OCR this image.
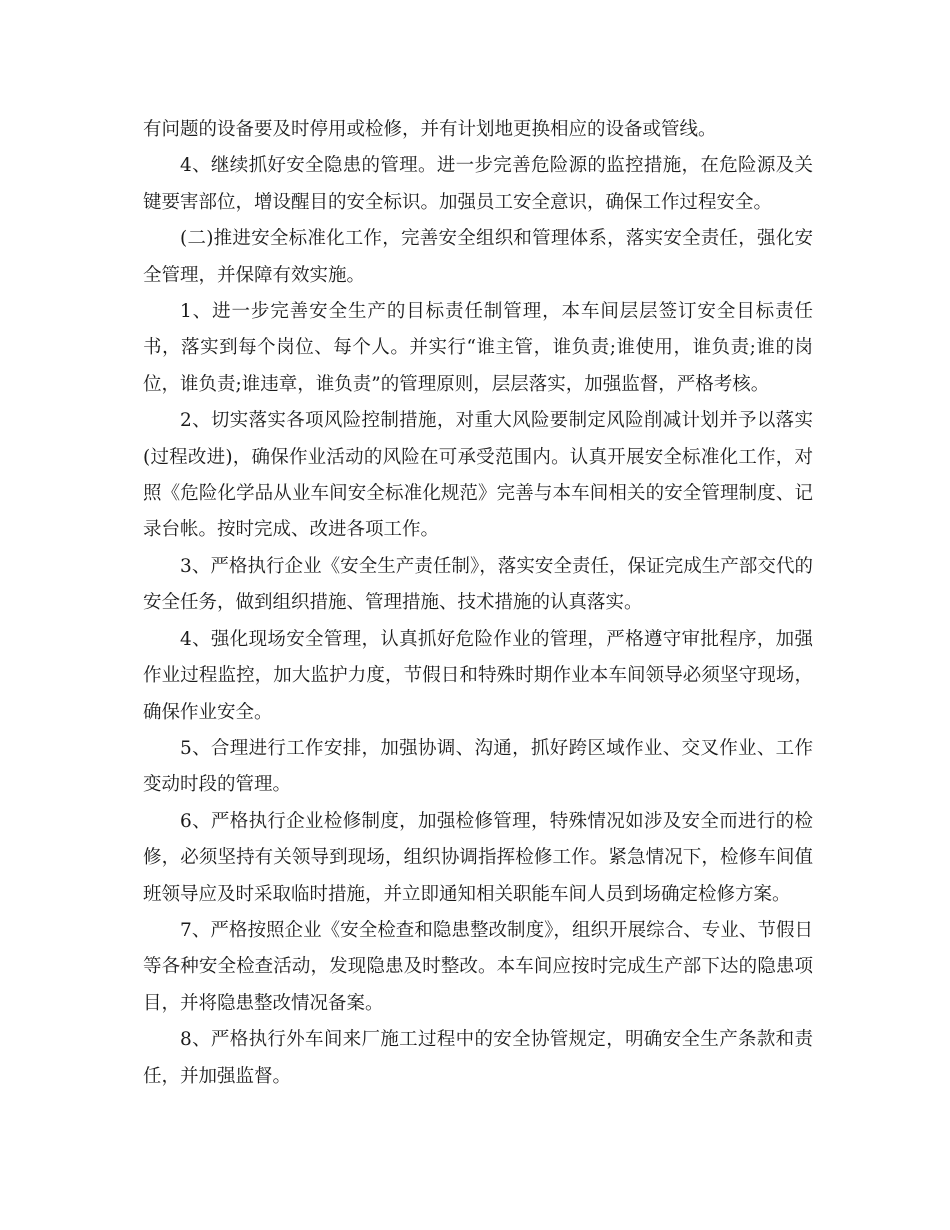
有问题的设备要及时停用或检修，并有计划地更换相应的设备或管线。

4、继续抓好安全隐患的管理。进一步完善危险源的监控措施，在危险源及关键要害部位，增设醒目的安全标识。加强员工安全意识，确保工作过程安全。

(二)推进安全标准化工作，完善安全组织和管理体系，落实安全责任，强化安全管理，并保障有效实施。

1、进一步完善安全生产的目标责任制管理，本车间层层签订安全目标责任书，落实到每个岗位、每个人。并实行“谁主管，谁负责;谁使用，谁负责;谁的岗位，谁负责;谁违章，谁负责”的管理原则，层层落实，加强监督，严格考核。

2、切实落实各项风险控制措施，对重大风险要制定风险削减计划并予以落实(过程改进)，确保作业活动的风险在可承受范围内。认真开展安全标准化工作，对照《危险化学品从业车间安全标准化规范》完善与本车间相关的安全管理制度、记录台帐。按时完成、改进各项工作。

3、严格执行企业《安全生产责任制》，落实安全责任，保证完成生产部交代的安全任务，做到组织措施、管理措施、技术措施的认真落实。

4、强化现场安全管理，认真抓好危险作业的管理，严格遵守审批程序，加强作业过程监控，加大监护力度，节假日和特殊时期作业本车间领导必须坚守现场，确保作业安全。

5、合理进行工作安排，加强协调、沟通，抓好跨区域作业、交叉作业、工作变动时段的管理。

6、严格执行企业检修制度，加强检修管理，特殊情况如涉及安全而进行的检修，必须坚持有关领导到现场，组织协调指挥检修工作。紧急情况下，检修车间值班领导应及时采取临时措施，并立即通知相关职能车间人员到场确定检修方案。

7、严格按照企业《安全检查和隐患整改制度》，组织开展综合、专业、节假日等各种安全检查活动，发现隐患及时整改。本车间应按时完成生产部下达的隐患项目，并将隐患整改情况备案。

8、严格执行外车间来厂施工过程中的安全协管规定，明确安全生产条款和责任，并加强监督。
